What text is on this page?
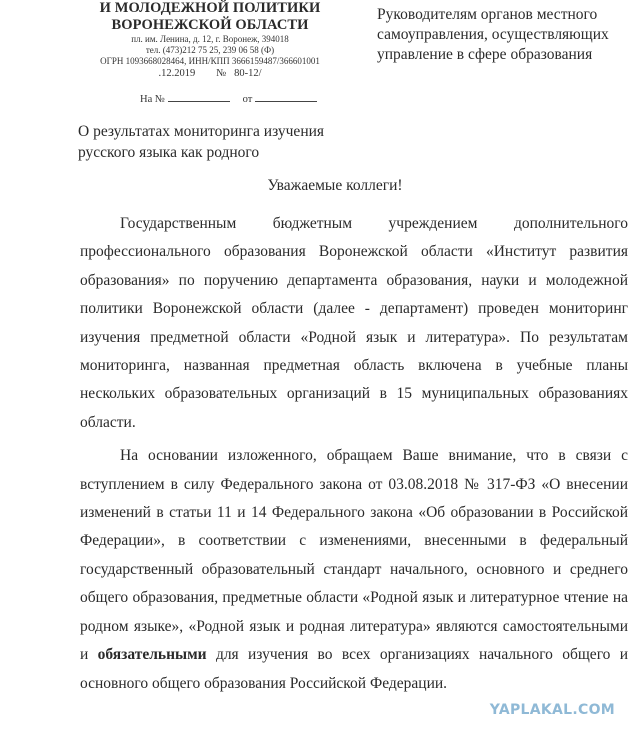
И МОЛОДЕЖНОЙ ПОЛИТИКИ
ВОРОНЕЖСКОЙ ОБЛАСТИ
пл. им. Ленина, д. 12, г. Воронеж, 394018
тел. (473)212 75 25, 239 06 58 (Ф)
ОГРН 1093668028464, ИНН/КПП 3666159487/366601001
.12.2019 № 80-12/
На №	от
Руководителям органов местного
самоуправления, осуществляющих
управление в сфере образования
О результатах мониторинга изучения
русского языка как родного
Уважаемые коллеги!

Государственным бюджетным учреждением дополнительного профессионального образования Воронежской области «Институт развития образования» по поручению департамента образования, науки и молодежной политики Воронежской области (далее - департамент) проведен мониторинг изучения предметной области «Родной язык и литература». По результатам мониторинга, названная предметная область включена в учебные планы нескольких образовательных организаций в 15 муниципальных образованиях области.

На основании изложенного, обращаем Ваше внимание, что в связи с вступлением в силу Федерального закона от 03.08.2018 № 317-ФЗ «О внесении изменений в статьи 11 и 14 Федерального закона «Об образовании в Российской Федерации», в соответствии с изменениями, внесенными в федеральный государственный образовательный стандарт начального, основного и среднего общего образования, предметные области «Родной язык и литературное чтение на родном языке», «Родной язык и родная литература» являются самостоятельными и обязательными для изучения во всех организациях начального общего и основного общего образования Российской Федерации.

YAPLAKAL.COM
